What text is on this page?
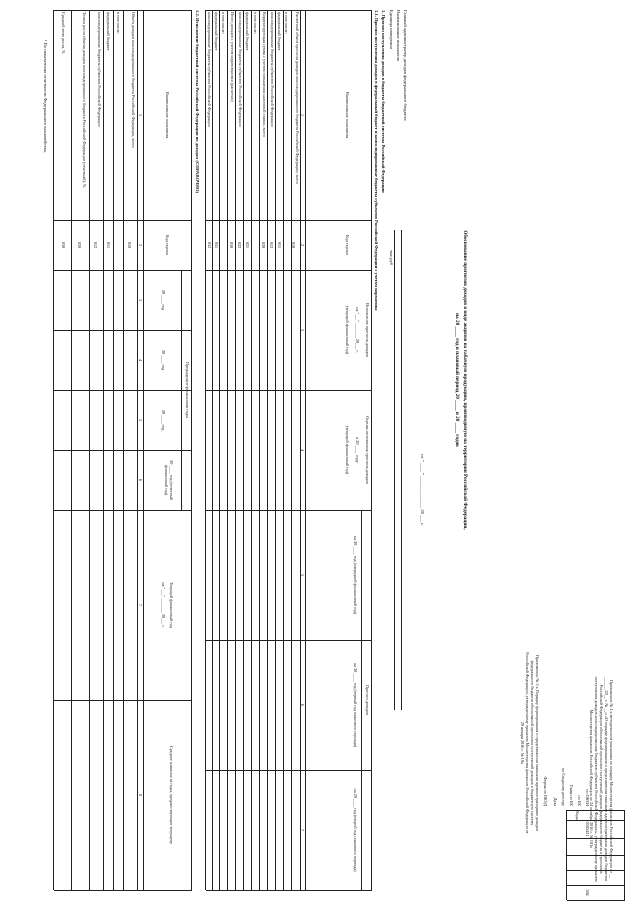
Приложение № 1 к методическим указаниям по порядку Министерства финансов Российской Федерации от __ ______ 20__ г. № __н «О порядке формирования и представления главными администраторами доходов бюджетов Российской Федерации обоснований прогнозов поступлений доходов федерального бюджета и прогнозов поступления доходов консолидированных бюджетов субъектов Российской Федерации», утвержденному приказом Министерства финансов Российской Федерации от 24 октября 2016 г. № 191н
Приложение № 5 к Порядку формирования и представления главными администраторами доходов федерального бюджета обоснований прогнозов поступлений доходов в бюджетную систему Российской Федерации, утвержденному приказом Министерства финансов Российской Федерации от 29 января 2016 г. № 19н
Обоснование прогнозов доходов в виде акцизов на табачную продукцию, производимую на территории Российской Федерации,
на 20 ____ год и плановый период 20 ____ и 20 ____ годов
от " ____ " ______________ 20 ___ г.
Коды
Форма по ОКУД
0505421
Дата по Сводному реестру Глава по БК по БК по ОКЕИ
384
Главный администратор доходов федерального бюджета
Наименование показателя
Единица измерения
тыс.руб
1. Прогноз поступления доходов в бюджеты бюджетной системы Российской Федерации
1.1. Прогноз поступления доходов в федеральный бюджет и консолидированные бюджеты субъектов Российской Федерации с учетом норматива
Наименование показателя
Код строки
Исполнение прогноза доходов
на "___" _______ 20___ г.
(текущий финансовый год)
Оценка исполнения прогноза доходов
в 20 ____ году
(текущий финансовый год)
Прогноз доходов
на 20 ____ год (очередной финансовый год)
на 20 ____ год (первый год планового периода)
на 20 ____ год (второй год планового периода)
1
2
3
4
5
6
7
Расчетный объем прогноза доходов консолидированного бюджета Российской Федерации, всего
010
в том числе:
федеральный бюджет
011
консолидированные бюджеты субъектов Российской Федерации
012
Корректирующая сумма с учетом повышения налоговой ставки, всего
020
в том числе:
федеральный бюджет
021
консолидированные бюджеты субъектов Российской Федерации
022
Итого доходов с учетом корректировки (расчетно)
030
в том числе:
федеральный бюджет
031
консолидированные бюджеты субъектов Российской Федерации
032
1.2. Исполнение бюджетной системы Российской Федерации по доходам (СПРАВОЧНО)
Наименование показателя
Код строки
Предыдущие финансовые годы
20 ____ год
20 ____ год
20 ____ год
20 ____ год (отчетный финансовый год)
Текущий финансовый год
на "___" _______ 20___ г.
Среднее значение за годы, предшествующие текущему
1
2
3
4
5
6
7
8
Объем доходов консолидированного бюджета Российской Федерации, всего
010
в том числе:
федеральный бюджет
011
консолидированные бюджеты субъектов Российской Федерации
012
Темпы роста объема доходов консолидированного бюджета Российской Федерации (отчетный), %
020
Средний темп роста, %
030
¹ По показателям отчетности Федерального казначейства.
·
·
